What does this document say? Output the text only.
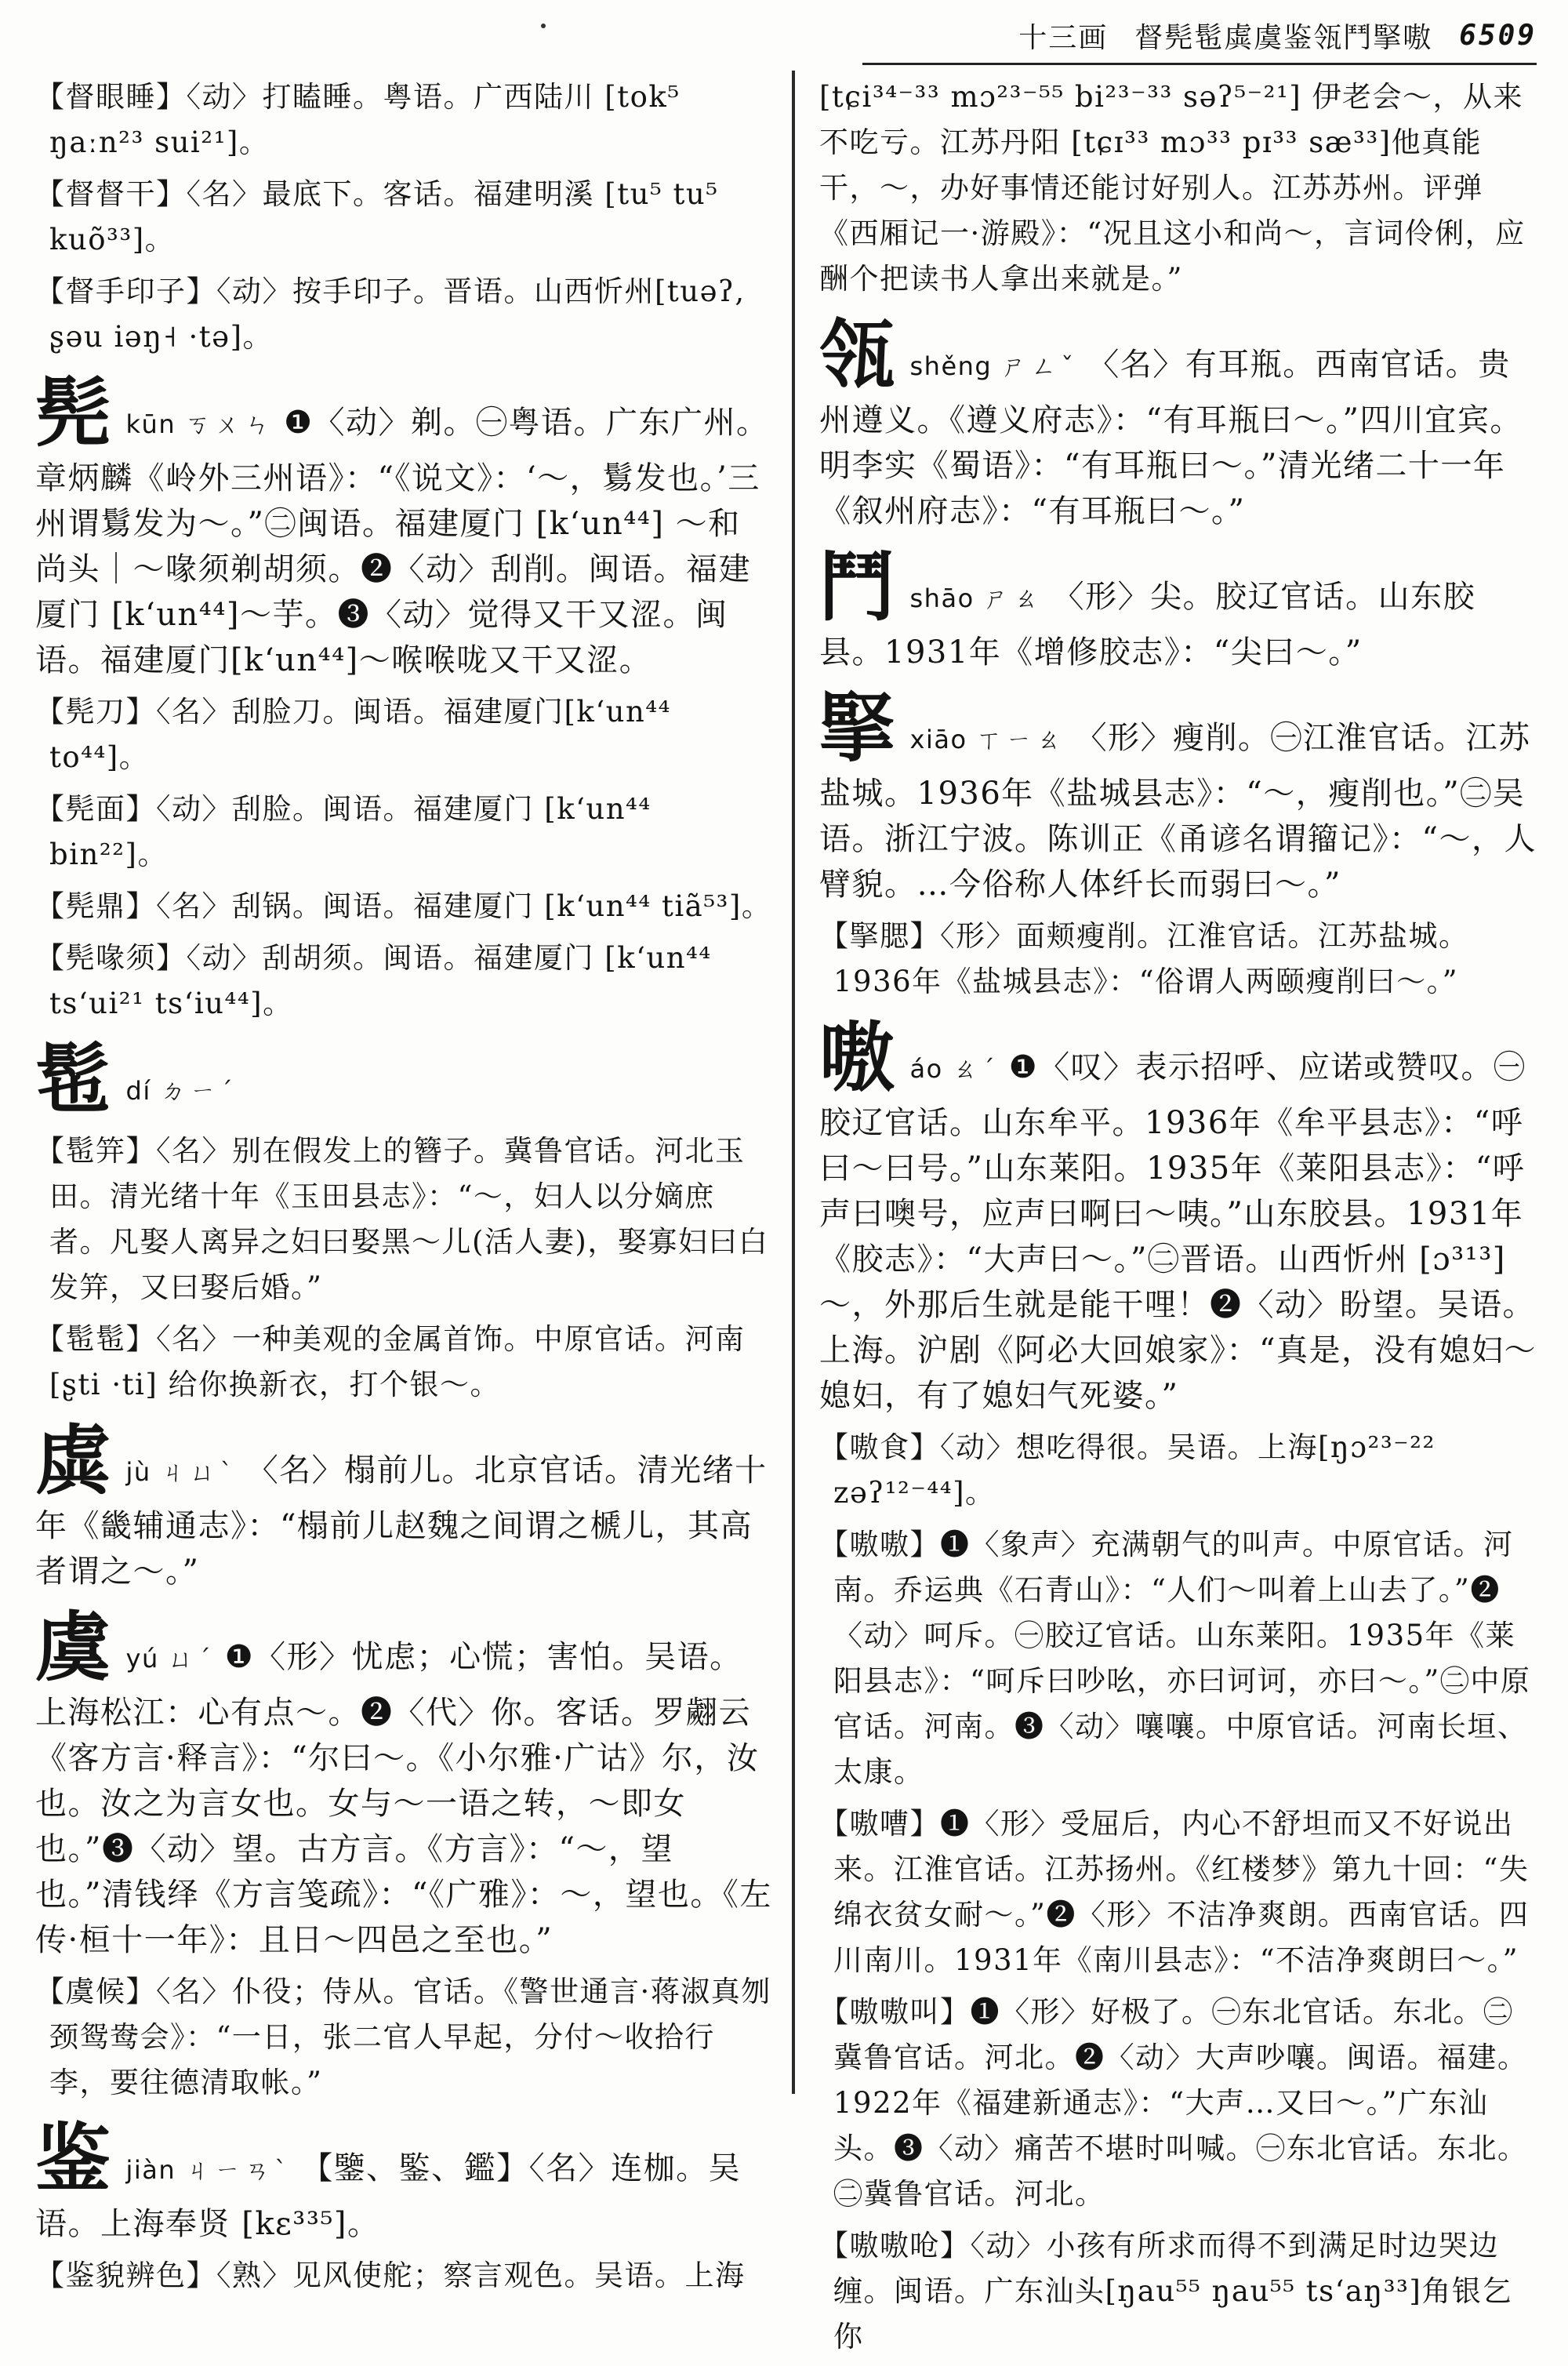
十三画 督髡髢虡虞鉴瓴鬥掔嗷 6509
【督眼睡】〈动〉打瞌睡。粤语。广西陆川 [tok⁵ ŋaːn²³ sui²¹]。
【督督干】〈名〉最底下。客话。福建明溪 [tu⁵ tu⁵ kuõ³³]。
【督手印子】〈动〉按手印子。晋语。山西忻州[tuəʔ, ʂəu iəŋ˧ ·tə]。
髡kūn ㄎㄨㄣ ❶〈动〉剃。㊀粤语。广东广州。章炳麟《岭外三州语》：“《说文》：‘～，鬄发也。’三州谓鬄发为～。”㊁闽语。福建厦门 [k‘un⁴⁴] ～和尚头｜～喙须剃胡须。❷〈动〉刮削。闽语。福建厦门 [k‘un⁴⁴]～芋。❸〈动〉觉得又干又涩。闽语。福建厦门[k‘un⁴⁴]～喉喉咙又干又涩。
【髡刀】〈名〉刮脸刀。闽语。福建厦门[k‘un⁴⁴ to⁴⁴]。
【髡面】〈动〉刮脸。闽语。福建厦门 [k‘un⁴⁴ bin²²]。
【髡鼎】〈名〉刮锅。闽语。福建厦门 [k‘un⁴⁴ tiã⁵³]。
【髡喙须】〈动〉刮胡须。闽语。福建厦门 [k‘un⁴⁴ ts‘ui²¹ ts‘iu⁴⁴]。
髢dí ㄉㄧˊ
【髢笄】〈名〉别在假发上的簪子。冀鲁官话。河北玉田。清光绪十年《玉田县志》：“～，妇人以分嫡庶者。凡娶人离异之妇曰娶黑～儿(活人妻)，娶寡妇曰白发笄，又曰娶后婚。”
【髢髢】〈名〉一种美观的金属首饰。中原官话。河南 [ʂti ·ti] 给你换新衣，打个银～。
虡jù ㄐㄩˋ 〈名〉榻前儿。北京官话。清光绪十年《畿辅通志》：“榻前儿赵魏之间谓之榹儿，其高者谓之～。”
虞yú ㄩˊ ❶〈形〉忧虑；心慌；害怕。吴语。上海松江：心有点～。❷〈代〉你。客话。罗翽云《客方言·释言》：“尔曰～。《小尔雅·广诂》尔，汝也。汝之为言女也。女与～一语之转，～即女也。”❸〈动〉望。古方言。《方言》：“～，望也。”清钱绎《方言笺疏》：“《广雅》：～，望也。《左传·桓十一年》：且日～四邑之至也。”
【虞候】〈名〉仆役；侍从。官话。《警世通言·蒋淑真刎颈鸳鸯会》：“一日，张二官人早起，分付～收拾行李，要往德清取帐。”
鉴jiàn ㄐㄧㄢˋ 【鑒、鍳、鑑】〈名〉连枷。吴语。上海奉贤 [kɛ³³⁵]。
【鉴貌辨色】〈熟〉见风使舵；察言观色。吴语。上海
[tɕi³⁴⁻³³ mɔ²³⁻⁵⁵ bi²³⁻³³ səʔ⁵⁻²¹] 伊老会～，从来不吃亏。江苏丹阳 [tɕɪ³³ mɔ³³ pɪ³³ sæ³³]他真能干，～，办好事情还能讨好别人。江苏苏州。评弹《西厢记一·游殿》：“况且这小和尚～，言词伶俐，应酬个把读书人拿出来就是。”
瓴shěng ㄕㄥˇ 〈名〉有耳瓶。西南官话。贵州遵义。《遵义府志》：“有耳瓶曰～。”四川宜宾。明李实《蜀语》：“有耳瓶曰～。”清光绪二十一年《叙州府志》：“有耳瓶曰～。”
鬥shāo ㄕㄠ 〈形〉尖。胶辽官话。山东胶县。1931年《增修胶志》：“尖曰～。”
掔xiāo ㄒㄧㄠ 〈形〉瘦削。㊀江淮官话。江苏盐城。1936年《盐城县志》：“～，瘦削也。”㊁吴语。浙江宁波。陈训正《甬谚名谓籀记》：“～，人臂貌。…今俗称人体纤长而弱曰～。”
【掔腮】〈形〉面颊瘦削。江淮官话。江苏盐城。1936年《盐城县志》：“俗谓人两颐瘦削曰～。”
嗷áo ㄠˊ ❶〈叹〉表示招呼、应诺或赞叹。㊀胶辽官话。山东牟平。1936年《牟平县志》：“呼曰～曰号。”山东莱阳。1935年《莱阳县志》：“呼声曰噢号，应声曰啊曰～咦。”山东胶县。1931年《胶志》：“大声曰～。”㊁晋语。山西忻州 [ɔ³¹³] ～，外那后生就是能干哩！❷〈动〉盼望。吴语。上海。沪剧《阿必大回娘家》：“真是，没有媳妇～媳妇，有了媳妇气死婆。”
【嗷食】〈动〉想吃得很。吴语。上海[ŋɔ²³⁻²² zəʔ¹²⁻⁴⁴]。
【嗷嗷】❶〈象声〉充满朝气的叫声。中原官话。河南。乔运典《石青山》：“人们～叫着上山去了。”❷〈动〉呵斥。㊀胶辽官话。山东莱阳。1935年《莱阳县志》：“呵斥曰吵吆，亦曰诃诃，亦曰～。”㊁中原官话。河南。❸〈动〉嚷嚷。中原官话。河南长垣、太康。
【嗷嘈】❶〈形〉受屈后，内心不舒坦而又不好说出来。江淮官话。江苏扬州。《红楼梦》第九十回：“失绵衣贫女耐～。”❷〈形〉不洁净爽朗。西南官话。四川南川。1931年《南川县志》：“不洁净爽朗曰～。”
【嗷嗷叫】❶〈形〉好极了。㊀东北官话。东北。㊁冀鲁官话。河北。❷〈动〉大声吵嚷。闽语。福建。1922年《福建新通志》：“大声…又曰～。”广东汕头。❸〈动〉痛苦不堪时叫喊。㊀东北官话。东北。㊁冀鲁官话。河北。
【嗷嗷呛】〈动〉小孩有所求而得不到满足时边哭边缠。闽语。广东汕头[ŋau⁵⁵ ŋau⁵⁵ ts‘aŋ³³]角银乞你
